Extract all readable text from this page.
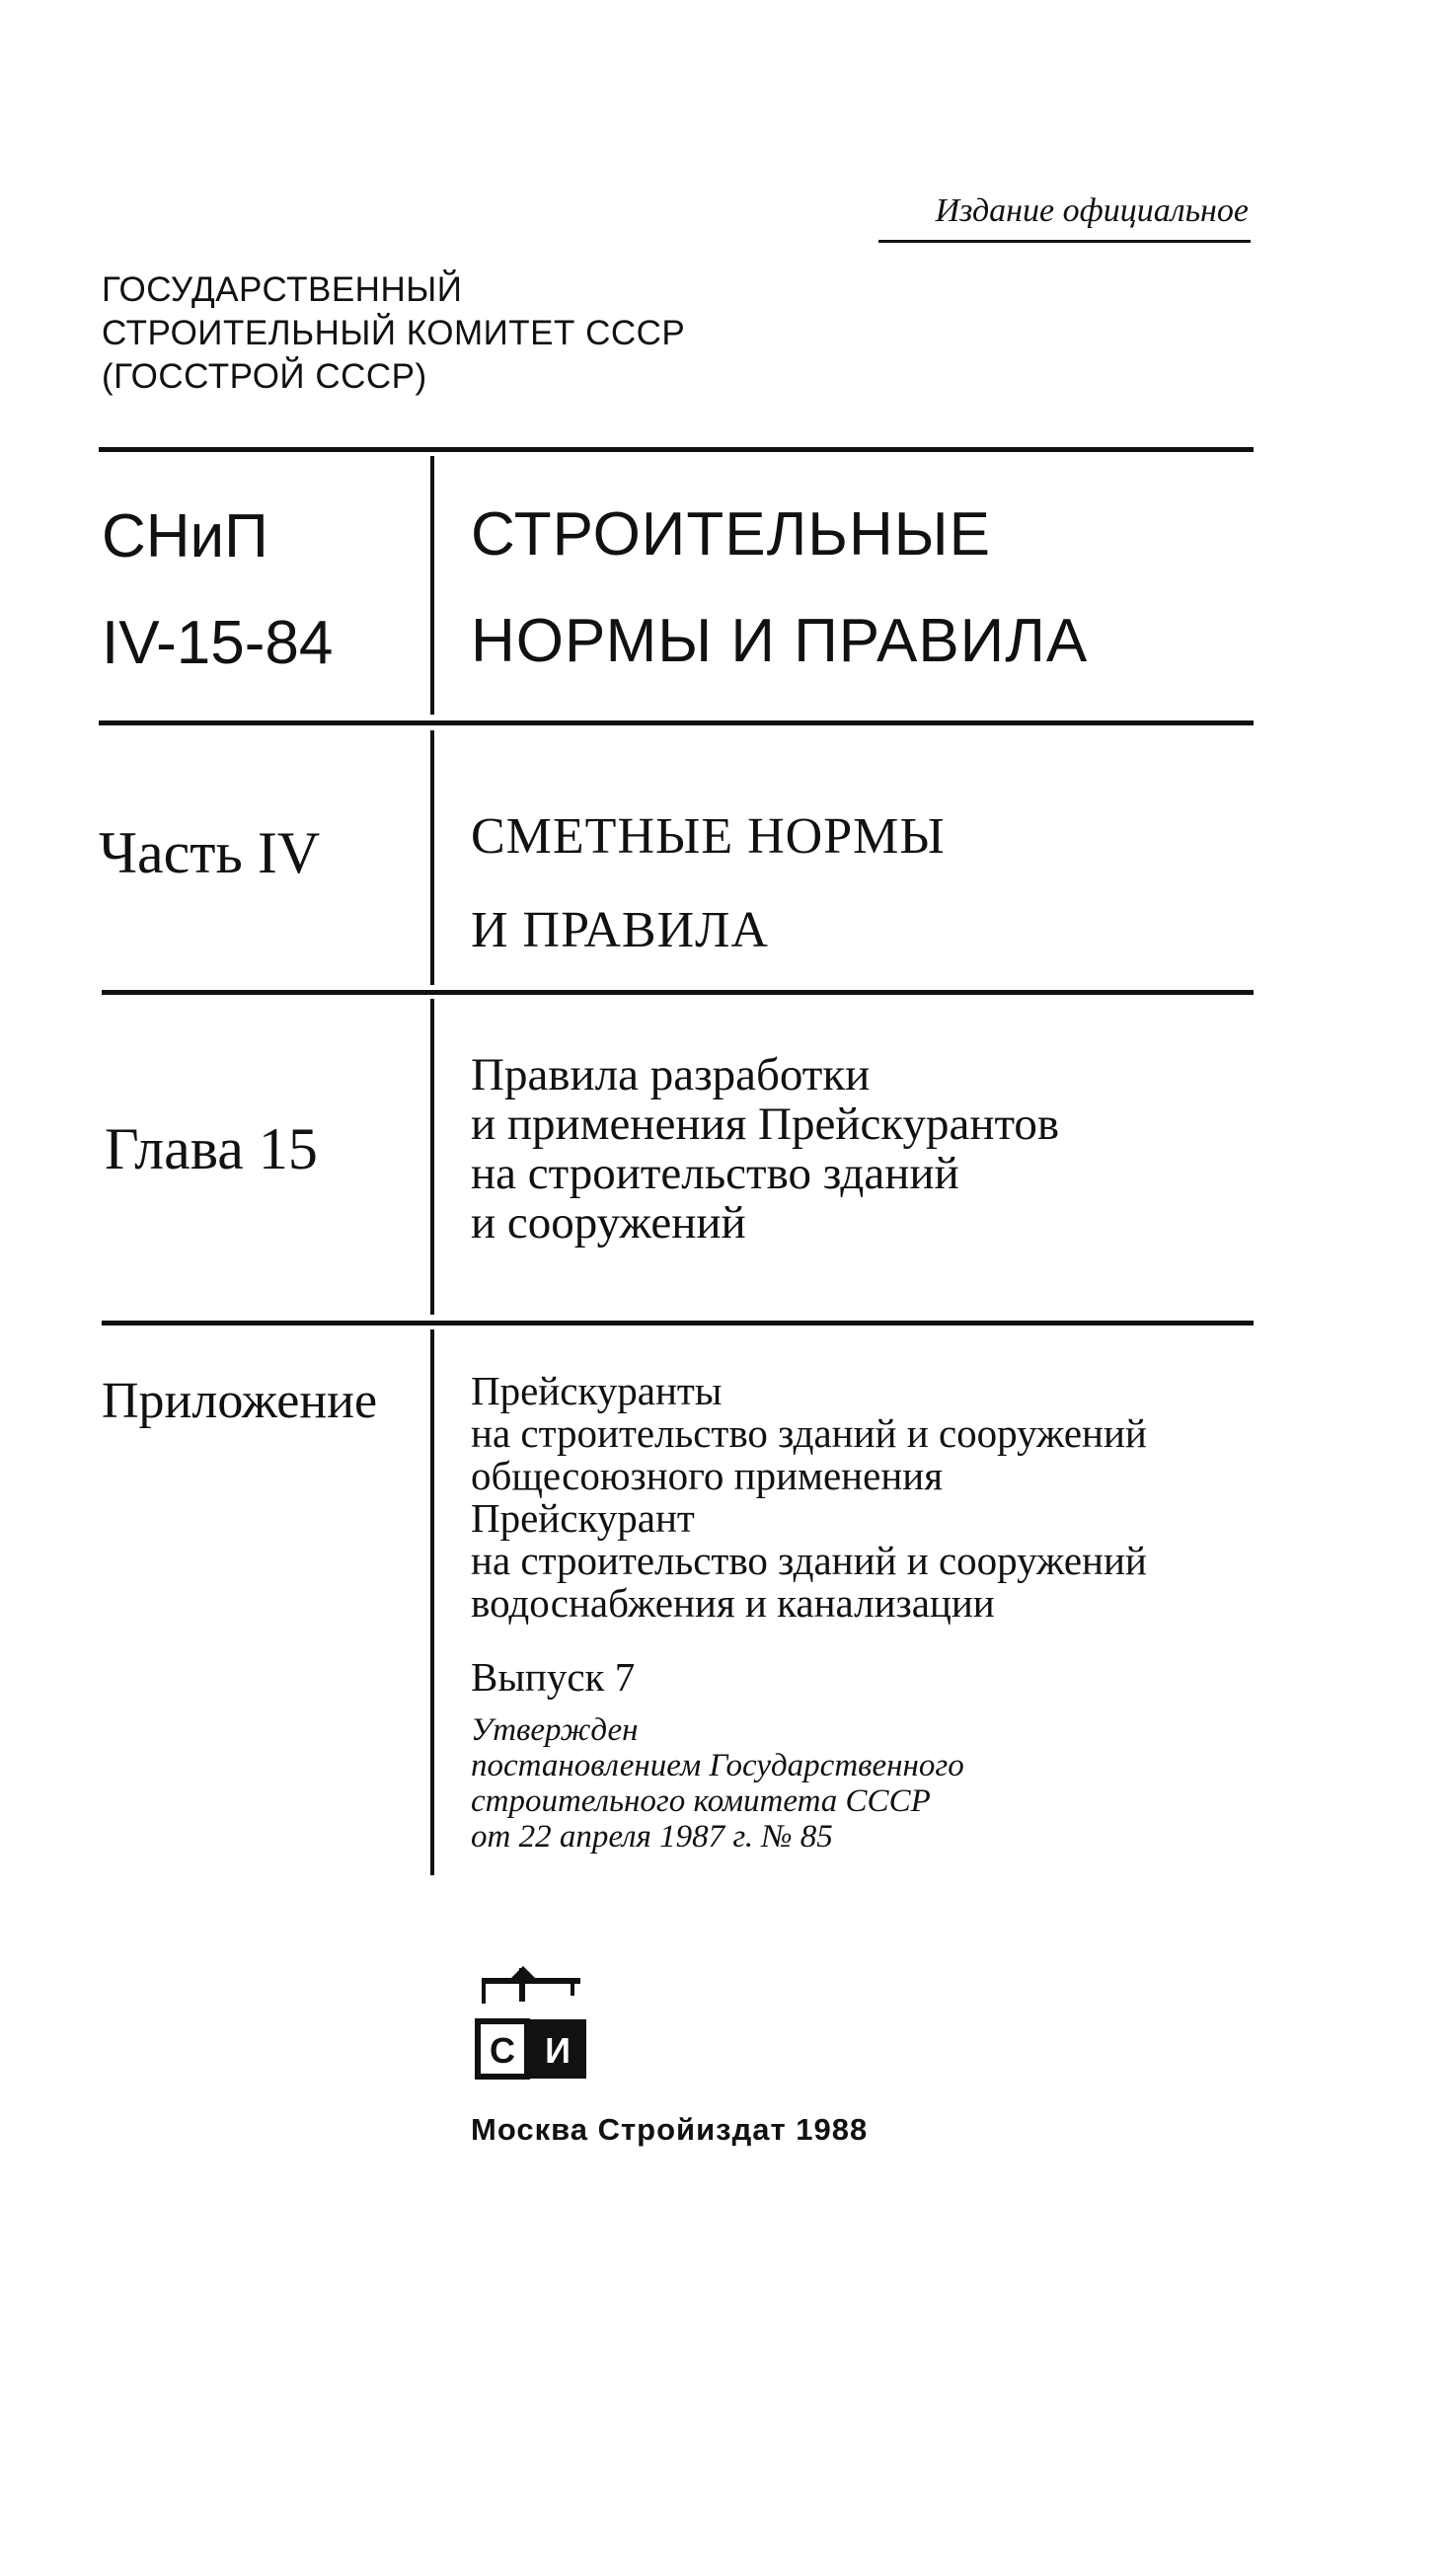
Издание официальное
ГОСУДАРСТВЕННЫЙ
СТРОИТЕЛЬНЫЙ КОМИТЕТ СССР
(ГОССТРОЙ СССР)
СНиП
IV-15-84
СТРОИТЕЛЬНЫЕ
НОРМЫ И ПРАВИЛА
Часть IV	СМЕТНЫЕ НОРМЫ
И ПРАВИЛА
Глава 15
Правила разработки
и применения Прейскурантов
на строительство зданий
и сооружений
Приложение Прейскуранты
на строительство зданий и сооружений
общесоюзного применения
Прейскурант
на строительство зданий и сооружений
водоснабжения и канализации
Выпуск 7
Утвержден
постановлением Государственного
строительного комитета СССР
от 22 апреля 1987 г. № 85
С И
Москва Стройиздат 1988
